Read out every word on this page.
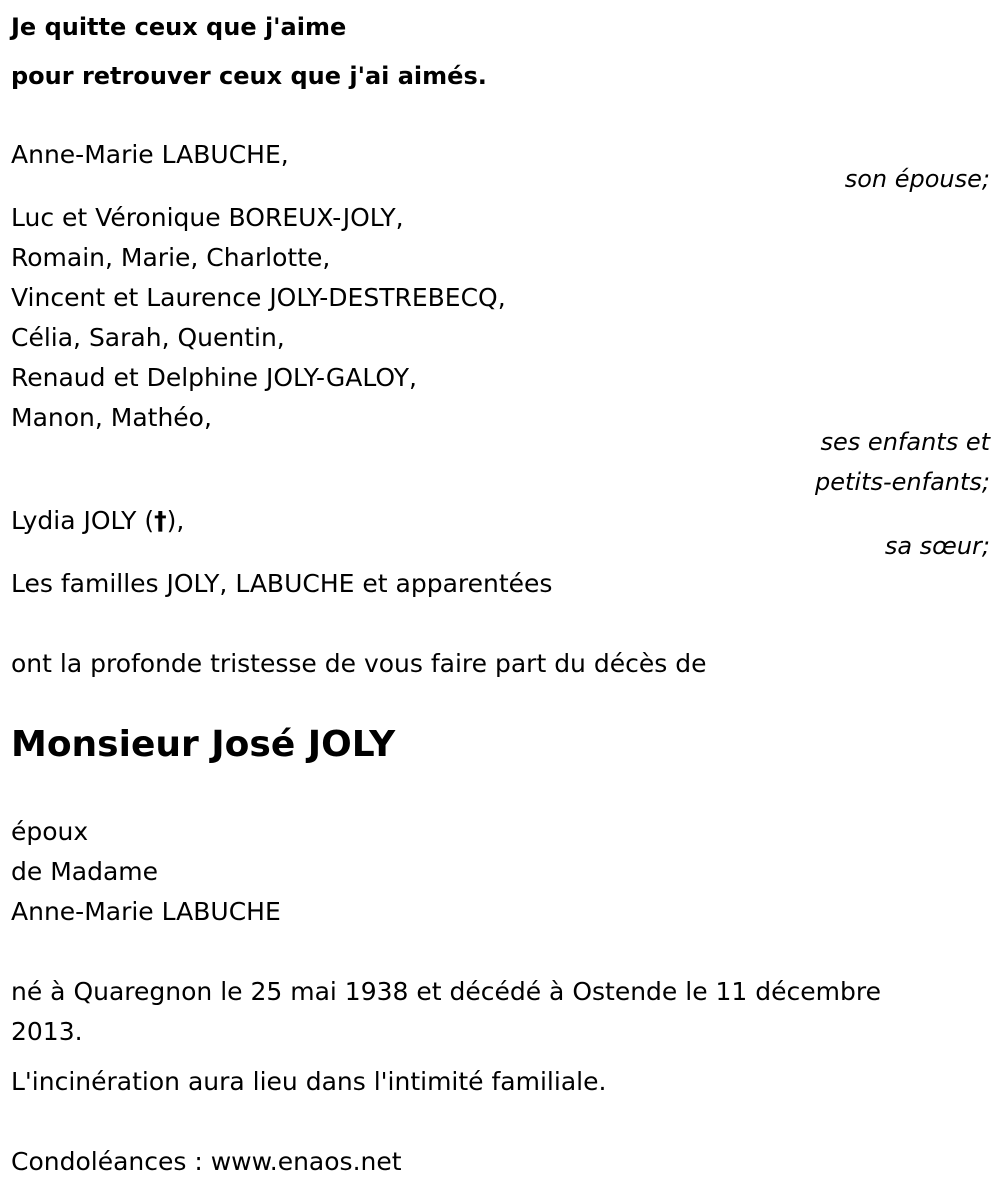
Je quitte ceux que j'aime
pour retrouver ceux que j'ai aimés.
Anne-Marie LABUCHE,
son épouse;
Luc et Véronique BOREUX-JOLY,
Romain, Marie, Charlotte,
Vincent et Laurence JOLY-DESTREBECQ,
Célia, Sarah, Quentin,
Renaud et Delphine JOLY-GALOY,
Manon, Mathéo,
ses enfants et
petits-enfants;
Lydia JOLY (†),
sa sœur;
Les familles JOLY, LABUCHE et apparentées
ont la profonde tristesse de vous faire part du décès de
Monsieur José JOLY
époux
de Madame
Anne-Marie LABUCHE
né à Quaregnon le 25 mai 1938 et décédé à Ostende le 11 décembre
2013.
L'incinération aura lieu dans l'intimité familiale.
Condoléances : www.enaos.net
